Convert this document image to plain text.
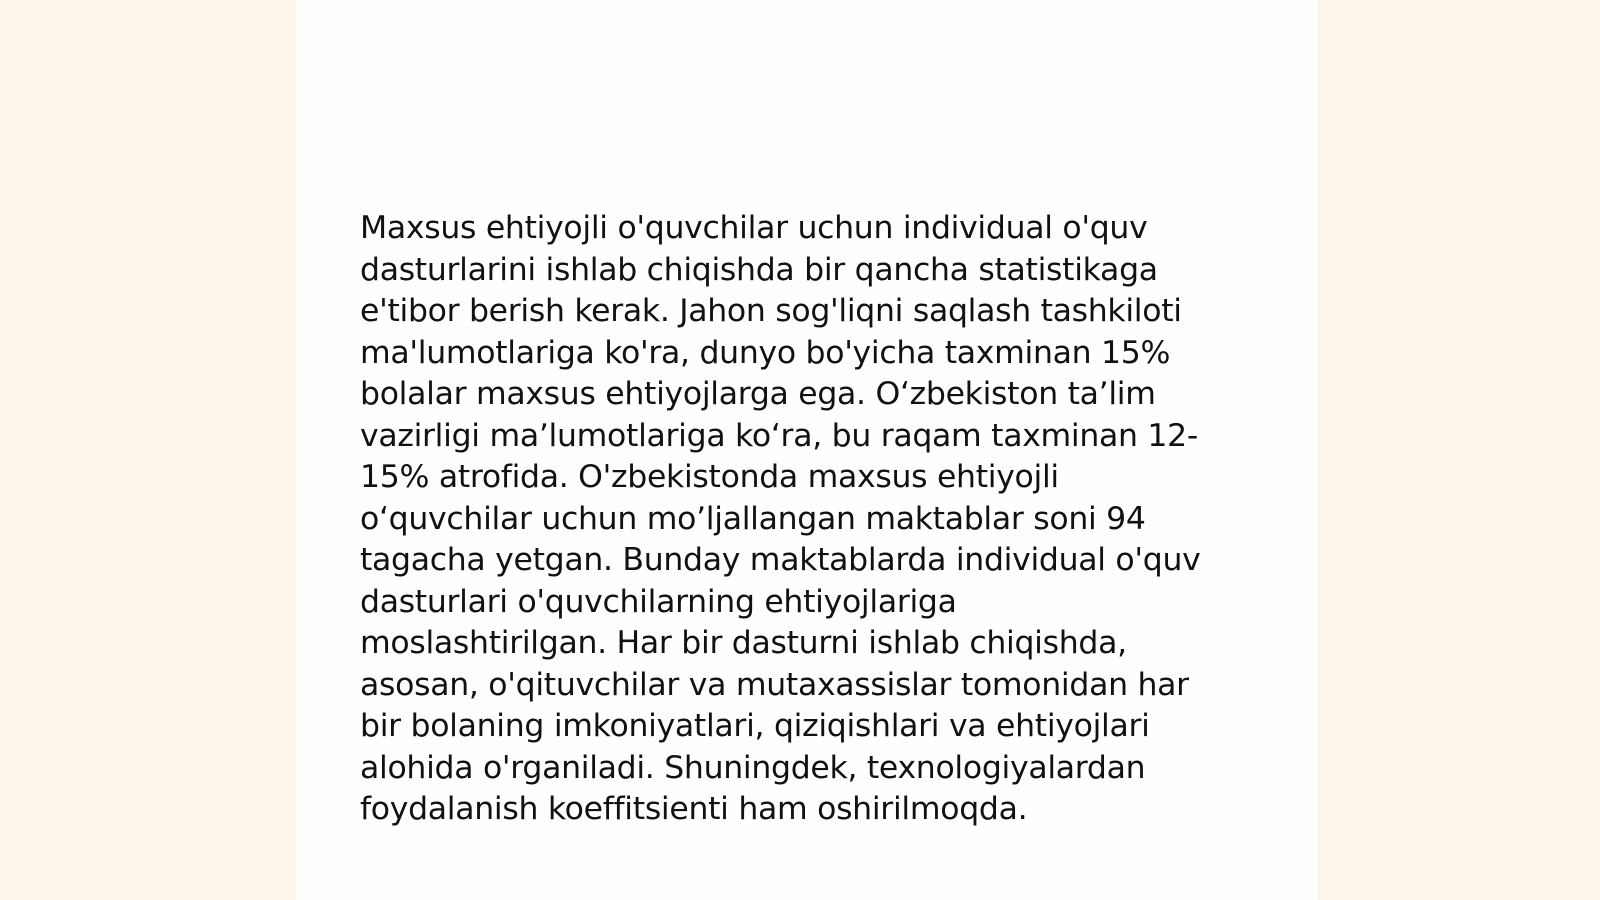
Maxsus ehtiyojli o'quvchilar uchun individual o'quv
dasturlarini ishlab chiqishda bir qancha statistikaga
e'tibor berish kerak. Jahon sog'liqni saqlash tashkiloti
ma'lumotlariga ko'ra, dunyo bo'yicha taxminan 15%
bolalar maxsus ehtiyojlarga ega. O‘zbekiston ta’lim
vazirligi ma’lumotlariga ko‘ra, bu raqam taxminan 12-
15% atrofida. O'zbekistonda maxsus ehtiyojli
o‘quvchilar uchun mo’ljallangan maktablar soni 94
tagacha yetgan. Bunday maktablarda individual o'quv
dasturlari o'quvchilarning ehtiyojlariga
moslashtirilgan. Har bir dasturni ishlab chiqishda,
asosan, o'qituvchilar va mutaxassislar tomonidan har
bir bolaning imkoniyatlari, qiziqishlari va ehtiyojlari
alohida o'rganiladi. Shuningdek, texnologiyalardan
foydalanish koeffitsienti ham oshirilmoqda.
